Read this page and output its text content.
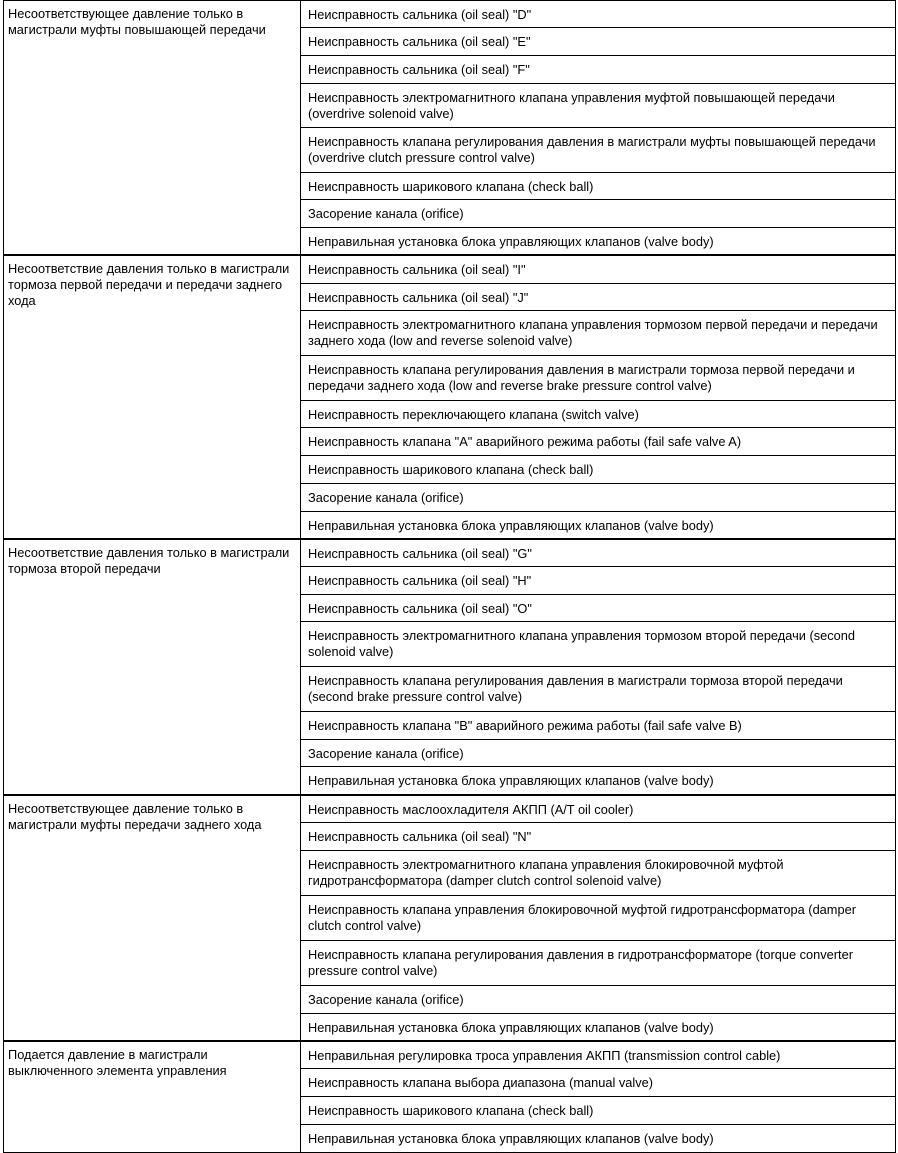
Несоответствующее давление только в магистрали муфты повышающей передачи	Неисправность сальника (oil seal) "D"
	Неисправность сальника (oil seal) "E"
	Неисправность сальника (oil seal) "F"
	Неисправность электромагнитного клапана управления муфтой повышающей передачи (overdrive solenoid valve)
	Неисправность клапана регулирования давления в магистрали муфты повышающей передачи (overdrive clutch pressure control valve)
	Неисправность шарикового клапана (check ball)
	Засорение канала (orifice)
	Неправильная установка блока управляющих клапанов (valve body)
Несоответствие давления только в магистрали тормоза первой передачи и передачи заднего хода	Неисправность сальника (oil seal) "I"
	Неисправность сальника (oil seal) "J"
	Неисправность электромагнитного клапана управления тормозом первой передачи и передачи заднего хода (low and reverse solenoid valve)
	Неисправность клапана регулирования давления в магистрали тормоза первой передачи и передачи заднего хода (low and reverse brake pressure control valve)
	Неисправность переключающего клапана (switch valve)
	Неисправность клапана "A" аварийного режима работы (fail safe valve A)
	Неисправность шарикового клапана (check ball)
	Засорение канала (orifice)
	Неправильная установка блока управляющих клапанов (valve body)
Несоответствие давления только в магистрали тормоза второй передачи	Неисправность сальника (oil seal) "G"
	Неисправность сальника (oil seal) "H"
	Неисправность сальника (oil seal) "O"
	Неисправность электромагнитного клапана управления тормозом второй передачи (second solenoid valve)
	Неисправность клапана регулирования давления в магистрали тормоза второй передачи (second brake pressure control valve)
	Неисправность клапана "B" аварийного режима работы (fail safe valve B)
	Засорение канала (orifice)
	Неправильная установка блока управляющих клапанов (valve body)
Несоответствующее давление только в магистрали муфты передачи заднего хода	Неисправность маслоохладителя АКПП (A/T oil cooler)
	Неисправность сальника (oil seal) "N"
	Неисправность электромагнитного клапана управления блокировочной муфтой гидротрансформатора (damper clutch control solenoid valve)
	Неисправность клапана управления блокировочной муфтой гидротрансформатора (damper clutch control valve)
	Неисправность клапана регулирования давления в гидротрансформаторе (torque converter pressure control valve)
	Засорение канала (orifice)
	Неправильная установка блока управляющих клапанов (valve body)
Подается давление в магистрали выключенного элемента управления	Неправильная регулировка троса управления АКПП (transmission control cable)
	Неисправность клапана выбора диапазона (manual valve)
	Неисправность шарикового клапана (check ball)
	Неправильная установка блока управляющих клапанов (valve body)
